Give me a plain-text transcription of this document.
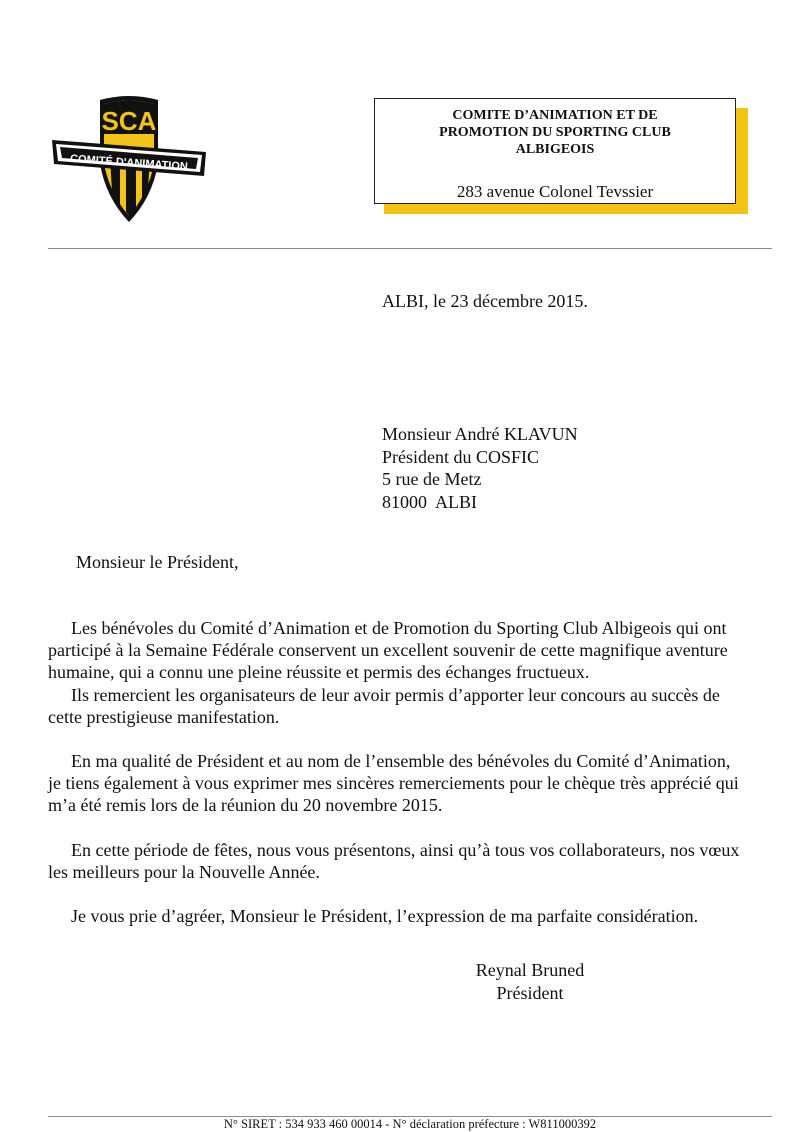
SCA
COMITÉ D'ANIMATION
COMITE D’ANIMATION ET DE
PROMOTION DU SPORTING CLUB
ALBIGEOIS
283 avenue Colonel Tevssier
ALBI, le 23 décembre 2015.
Monsieur André KLAVUN
Président du COSFIC
5 rue de Metz
81000  ALBI
Monsieur le Président,
Les bénévoles du Comité d’Animation et de Promotion du Sporting Club Albigeois qui ont
participé à la Semaine Fédérale conservent un excellent souvenir de cette magnifique aventure
humaine, qui a connu une pleine réussite et permis des échanges fructueux.
Ils remercient les organisateurs de leur avoir permis d’apporter leur concours au succès de
cette prestigieuse manifestation.
En ma qualité de Président et au nom de l’ensemble des bénévoles du Comité d’Animation,
je tiens également à vous exprimer mes sincères remerciements pour le chèque très apprécié qui
m’a été remis lors de la réunion du 20 novembre 2015.
En cette période de fêtes, nous vous présentons, ainsi qu’à tous vos collaborateurs, nos vœux
les meilleurs pour la Nouvelle Année.
Je vous prie d’agréer, Monsieur le Président, l’expression de ma parfaite considération.
Reynal Bruned
Président
N° SIRET : 534 933 460 00014 - N° déclaration préfecture : W811000392
